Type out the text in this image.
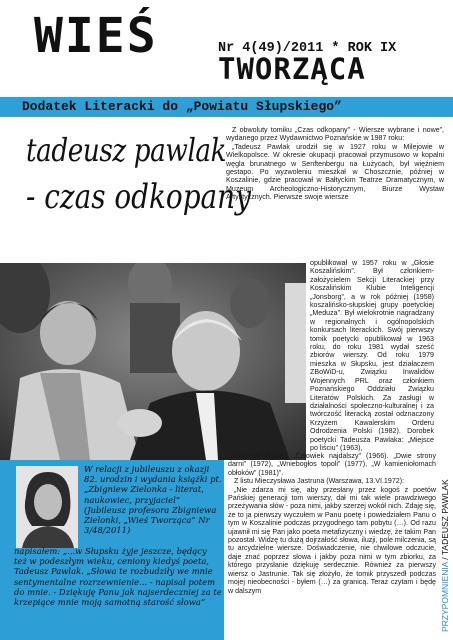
WIEŚ	Nr 4(49)/2011 * ROK IX
TWORZĄCA
Dodatek Literacki do „Powiatu Słupskiego”
tadeusz pawlak
- czas odkopany

Z obwoluty tomiku „Czas odkopany” - Wiersze wybrane i nowe”, wydanego przez Wydawnictwo Poznańskie w 1987 roku:

„Tadeusz Pawlak urodził się w 1927 roku w Milejowie w Wielkopolsce. W okresie okupacji pracował przymusowo w kopalni węgla brunatnego w Senftenbergu na Łużycach, był więźniem gestapo. Po wyzwoleniu mieszkał w Choszcznie, później w Koszalinie, gdzie pracował w Bałtyckim Teatrze Dramatycznym, w Muzeum Archeologiczno-Historycznym, Biurze Wystaw Artystycznych. Pierwsze swoje wiersze

opublikował w 1957 roku w „Głosie Koszalińskim”. Był członkiem-założycielem Sekcji Literackiej przy Koszalińskim Klubie Inteligencji „Jonsborg”, a w rok później (1958) koszalińsko-słupskiej grupy poetyckiej „Meduza”. Był wielokrotnie nagradzany w regionalnych i ogólnopolskich konkursach literackich. Swój pierwszy tomik poetycki opublikował w 1963 roku, do roku 1981 wydał sześć zbiorów wierszy. Od roku 1979 mieszka w Słupsku, jest działaczem ZBoWiD-u, Związku Inwalidów Wojennych PRL oraz członkiem Poznańskiego Oddziału Związku Literatów Polskich. Za zasługi w działalności społeczno-kulturalnej i za twórczość literacką został odznaczony Krzyżem Kawalerskim Orderu Odrodzenia Polski (1982). Dorobek poetycki Tadeusza Pawlaka: „Miejsce po liściu” (1963),

„Korzenie” (1966), „Człowiek najdalszy” (1966). „Dwie strony darni” (1972), „Wniebogłos topoli” (1977), „W kamieniołomach obłoków” (1981)”.

Z listu Mieczysława Jastruna (Warszawa, 13.VI.1972):

„Nie zdarza mi się, aby przesłany przez kogoś z poetów Pańskiej generacji tom wierszy, dał mi tak wiele prawdziwego przeżywania słów - poza nimi, jakby szerzej wokół nich. Zdaję się, że to ja pierwszy wyczułem w Panu poetę i powiedziałem Panu o tym w Koszalinie podczas przygodnego tam pobytu (…). Od razu ujawnił mi się Pan jako poeta metafizyczny i wiedzę, że takim Pan pozostał. Widzę tu dużą dojrzałość słowa, iluzji, pole milczenia, są tu arcydzielne wiersze. Doświadczenie, nie chwilowe odczucie, daje znać poprzez słowa i jakby poza nimi w tym zbiorku, za którego przysłanie dziękuję serdecznie. Również za pierwszy wiersz o Jastrunie. Tak się złożyło, że tomik przyszedł podczas mojej nieobecności - byłem (…) za granicą. Teraz czytam i będę w dalszym

W relacji z jubileuszu z okazji 82. urodzin i wydania książki pt. „Zbigniew Zielonka - literat, naukowiec, przyjaciel” (Jubileusz profesora Zbigniewa Zielonki, „Wieś Tworząca” Nr 3/48/2011)
napisałem: „...w Słupsku żyje jeszcze, będący też w podeszłym wieku, ceniony kiedyś poeta, Tadeusz Pawlak. „Słowa te rozbudziły we mnie sentymentalne rozrzewnienie... - napisał potem do mnie. - Dziękuję Panu jak najserdeczniej za te krzepiące mnie moją samotną starość słowa”	PRZYPOMNIENIA / TADEUSZ PAWLAK
